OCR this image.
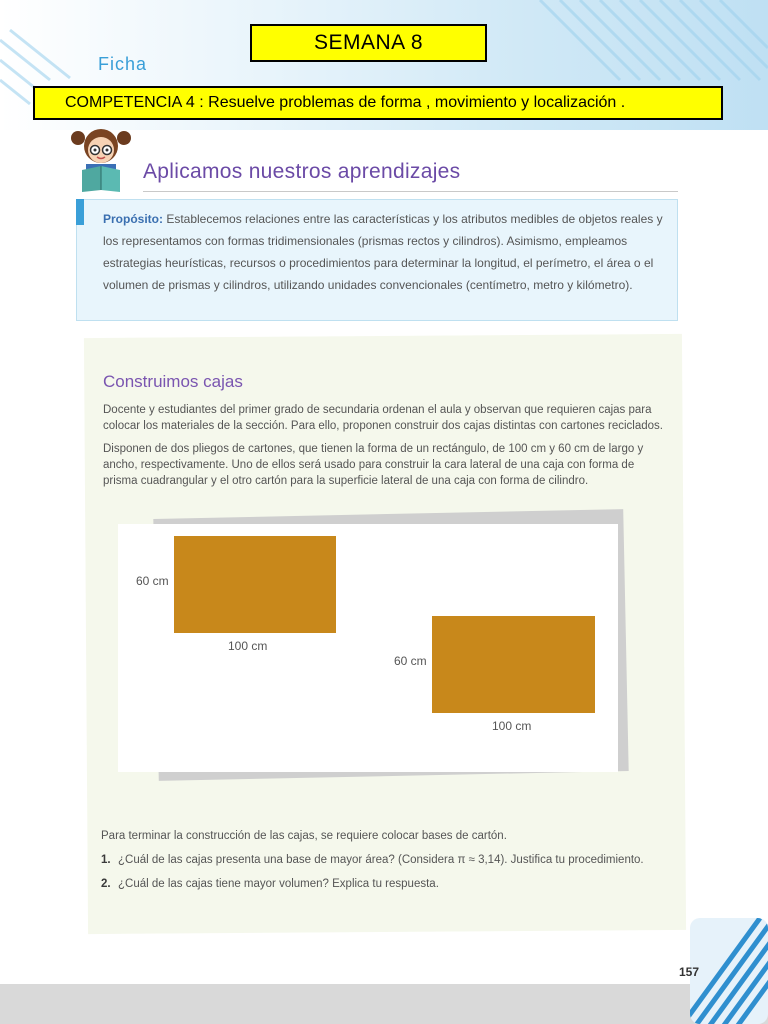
SEMANA 8
Ficha
COMPETENCIA 4 : Resuelve problemas de forma , movimiento y localización .
Aplicamos nuestros aprendizajes
Propósito: Establecemos relaciones entre las características y los atributos medibles de objetos reales y los representamos con formas tridimensionales (prismas rectos y cilindros). Asimismo, empleamos estrategias heurísticas, recursos o procedimientos para determinar la longitud, el perímetro, el área o el volumen de prismas y cilindros, utilizando unidades convencionales (centímetro, metro y kilómetro).
Construimos cajas
Docente y estudiantes del primer grado de secundaria ordenan el aula y observan que requieren cajas para colocar los materiales de la sección. Para ello, proponen construir dos cajas distintas con cartones reciclados.
Disponen de dos pliegos de cartones, que tienen la forma de un rectángulo, de 100 cm y 60 cm de largo y ancho, respectivamente. Uno de ellos será usado para construir la cara lateral de una caja con forma de prisma cuadrangular y el otro cartón para la superficie lateral de una caja con forma de cilindro.
60 cm
100 cm
60 cm
100 cm
Para terminar la construcción de las cajas, se requiere colocar bases de cartón.
1. ¿Cuál de las cajas presenta una base de mayor área? (Considera π ≈ 3,14). Justifica tu procedimiento.
2. ¿Cuál de las cajas tiene mayor volumen? Explica tu respuesta.
157
